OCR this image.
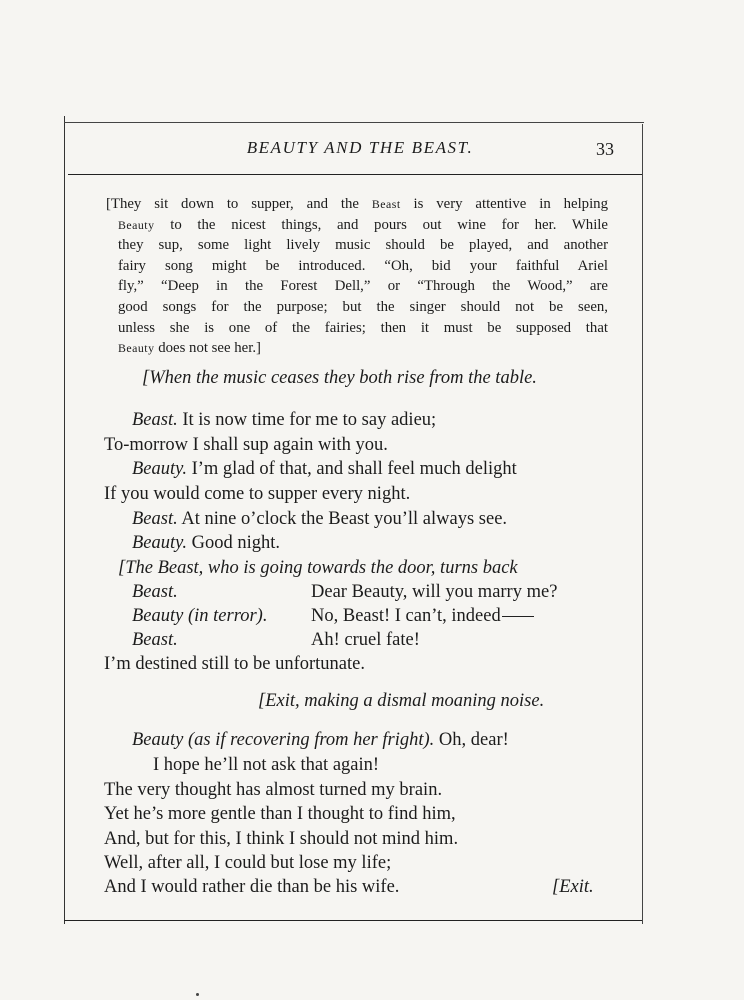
BEAUTY AND THE BEAST.	33
[They sit down to supper, and the Beast is very attentive in helping
Beauty to the nicest things, and pours out wine for her. While
they sup, some light lively music should be played, and another
fairy song might be introduced. “Oh, bid your faithful Ariel
fly,” “Deep in the Forest Dell,” or “Through the Wood,” are
good songs for the purpose; but the singer should not be seen,
unless she is one of the fairies; then it must be supposed that
Beauty does not see her.]
[When the music ceases they both rise from the table.
Beast. It is now time for me to say adieu;
To-morrow I shall sup again with you.
Beauty. I’m glad of that, and shall feel much delight
If you would come to supper every night.
Beast. At nine o’clock the Beast you’ll always see.
Beauty. Good night.
[The Beast, who is going towards the door, turns back
Beast.	Dear Beauty, will you marry me?
Beauty (in terror). No, Beast! I can’t, indeed
Beast.	Ah! cruel fate!
I’m destined still to be unfortunate.
[Exit, making a dismal moaning noise.
Beauty (as if recovering from her fright). Oh, dear!
I hope he’ll not ask that again!
The very thought has almost turned my brain.
Yet he’s more gentle than I thought to find him,
And, but for this, I think I should not mind him.
Well, after all, I could but lose my life;
And I would rather die than be his wife.	[Exit.
